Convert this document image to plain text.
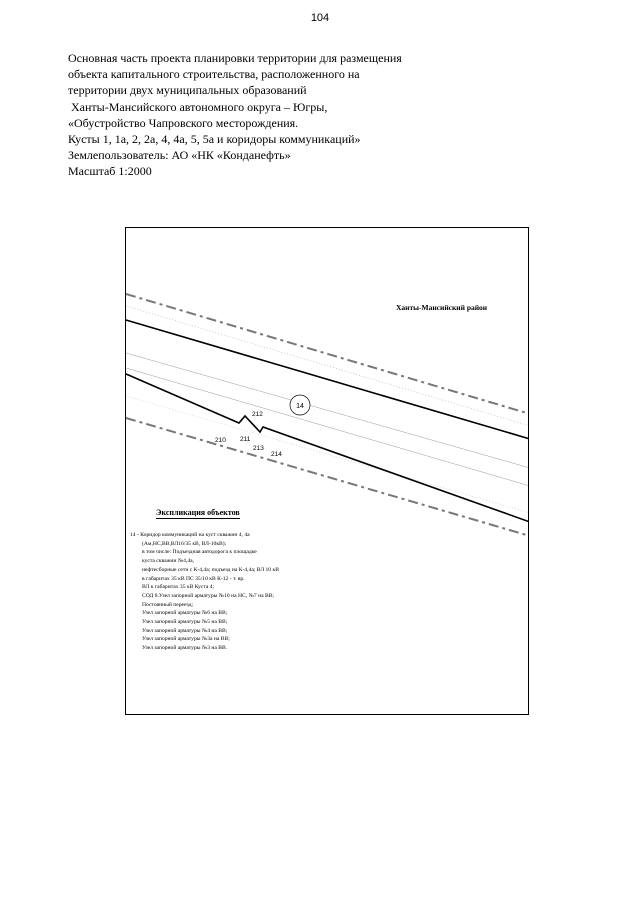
104
Основная часть проекта планировки территории для размещения
объекта капитального строительства, расположенного на
территории двух муниципальных образований
Ханты-Мансийского автономного округа – Югры,
«Обустройство Чапровского месторождения.
Кусты 1, 1а, 2, 2а, 4, 4а, 5, 5а и коридоры коммуникаций»
Землепользователь: АО «НК «Конданефть»
Масштаб 1:2000
14
212
210 211
213
214
Ханты-Мансийский район
Экспликация объектов
14 - Коридор коммуникаций на куст скважин 4, 4а
(Ам,НС,ВВ,ВЛ16/35 кВ, ВЛ-10кВ);
в том числе: Подъездная автодорога к площадке
куста скважин №4,4а,
нефтесборные сети с К-4,4а; подъезд на К-4,4а; ВЛ 10 кВ
в габаритах 35 кВ ПС 35/10 кВ К-12 - т. вр.
ВЛ к габаритах 35 кВ Куста 4;
СОД 8.Узел запорной арматуры №10 на НС, №7 на ВВ;
Постоянный переезд;
Узел запорной арматуры №6 на ВВ;
Узел запорной арматуры №5 на ВВ;
Узел запорной арматуры №4 на ВВ;
Узел запорной арматуры №3а на ВВ;
Узел запорной арматуры №3 на ВВ.
